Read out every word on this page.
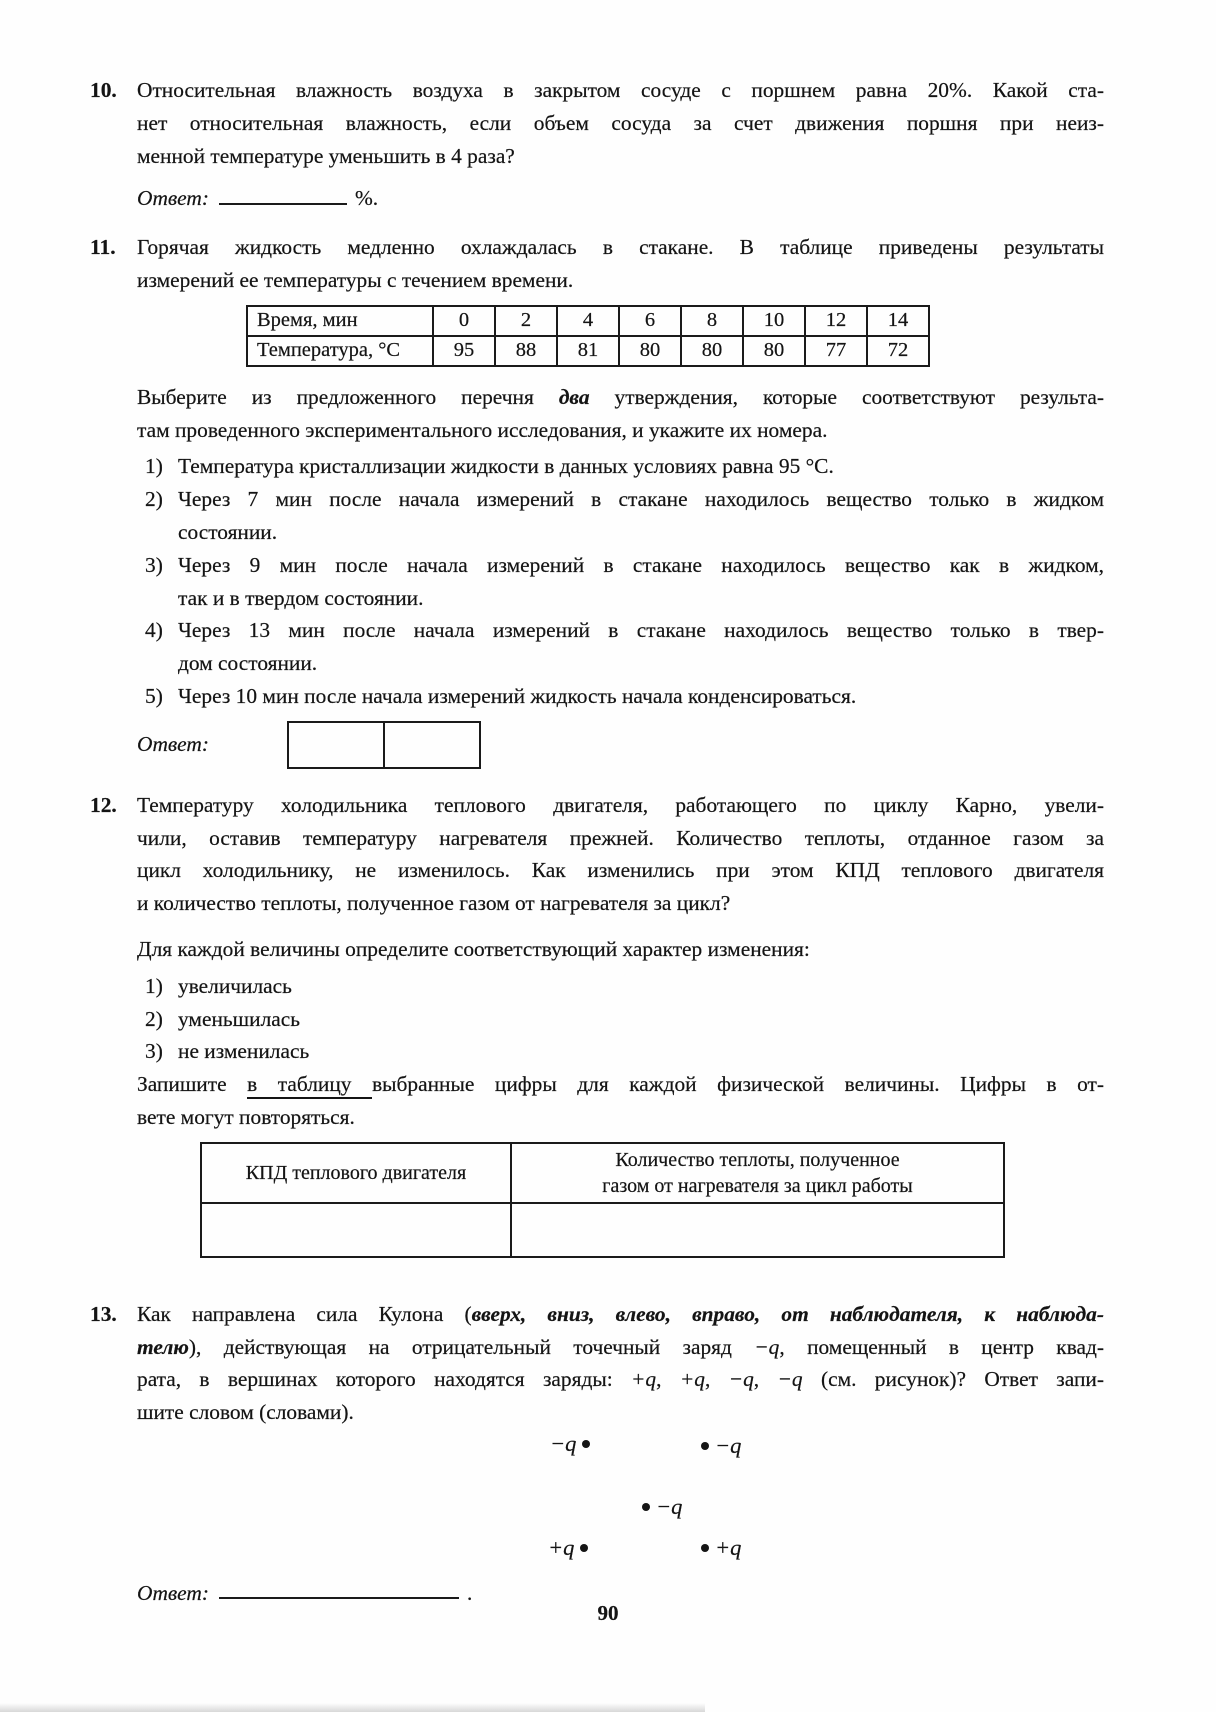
10. Относительная влажность воздуха в закрытом сосуде с поршнем равна 20%. Какой ста-
нет относительная влажность, если объем сосуда за счет движения поршня при неиз-
менной температуре уменьшить в 4 раза?
Ответ:	%.
11.	Горячая жидкость медленно охлаждалась в стакане. В таблице приведены результаты
измерений ее температуры с течением времени.
Время, мин	0	2	4	6	8	10	12	14
Температура, °С	95	88	81	80	80	80	77	72
Выберите из предложенного перечня два утверждения, которые соответствуют результа-
там проведенного экспериментального исследования, и укажите их номера.
1) Температура кристаллизации жидкости в данных условиях равна 95 °С.
2) Через 7 мин после начала измерений в стакане находилось вещество только в жидком
состоянии.
3) Через 9 мин после начала измерений в стакане находилось вещество как в жидком,
так и в твердом состоянии.
4) Через 13 мин после начала измерений в стакане находилось вещество только в твер-
дом состоянии.
5) Через 10 мин после начала измерений жидкость начала конденсироваться.
Ответ:
12. Температуру холодильника теплового двигателя, работающего по циклу Карно, увели-
чили, оставив температуру нагревателя прежней. Количество теплоты, отданное газом за
цикл холодильнику, не изменилось. Как изменились при этом КПД теплового двигателя
и количество теплоты, полученное газом от нагревателя за цикл?
Для каждой величины определите соответствующий характер изменения:
1) увеличилась
2) уменьшилась
3) не изменилась
Запишите в таблицу выбранные цифры для каждой физической величины. Цифры в от-
вете могут повторяться.
КПД теплового двигателя	Количество теплоты, полученное
газом от нагревателя за цикл работы

13. Как направлена сила Кулона (вверх, вниз, влево, вправо, от наблюдателя, к наблюда-
телю), действующая на отрицательный точечный заряд −q, помещенный в центр квад-
рата, в вершинах которого находятся заряды: +q, +q, −q, −q (см. рисунок)? Ответ запи-
шите словом (словами).
−q	−q
−q
+q	+q
Ответ:	.
90
